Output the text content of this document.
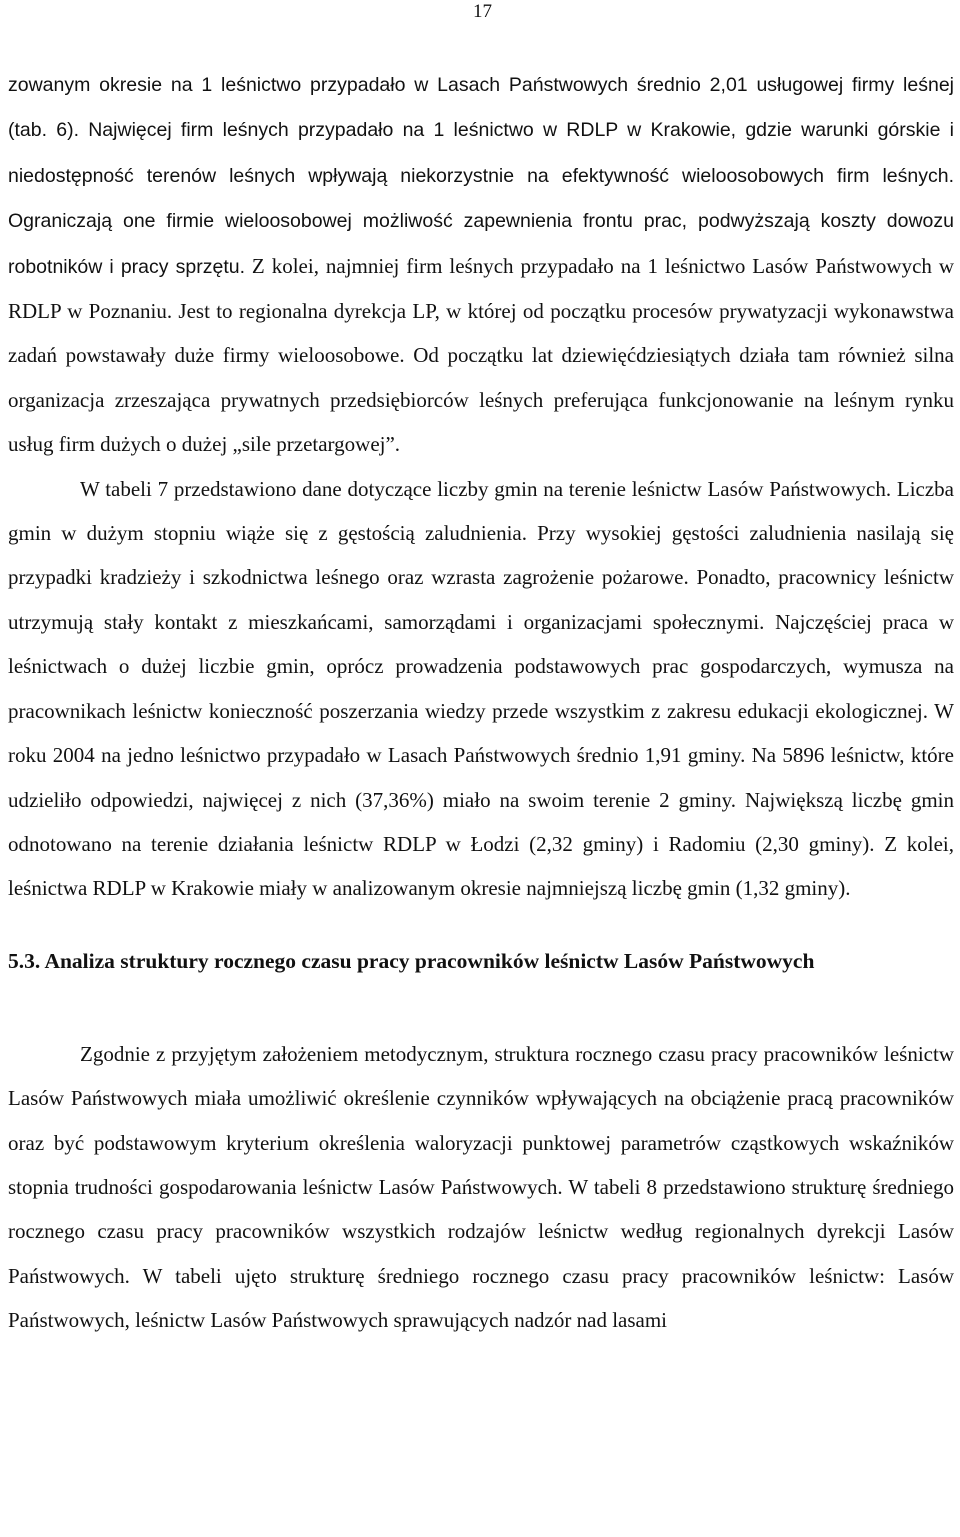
17

zowanym okresie na 1 leśnictwo przypadało w Lasach Państwowych średnio 2,01 usługowej firmy leśnej (tab. 6). Najwięcej firm leśnych przypadało na 1 leśnictwo w RDLP w Krakowie, gdzie warunki górskie i niedostępność terenów leśnych wpływają niekorzystnie na efektywność wieloosobowych firm leśnych. Ograniczają one firmie wieloosobowej możliwość zapewnienia frontu prac, podwyższają koszty dowozu robotników i pracy sprzętu. Z kolei, najmniej firm leśnych przypadało na 1 leśnictwo Lasów Państwowych w RDLP w Poznaniu. Jest to regionalna dyrekcja LP, w której od początku procesów prywatyzacji wykonawstwa zadań powstawały duże firmy wieloosobowe. Od początku lat dziewięćdziesiątych działa tam również silna organizacja zrzeszająca prywatnych przedsiębiorców leśnych preferująca funkcjonowanie na leśnym rynku usług firm dużych o dużej „sile przetargowej”.

W tabeli 7 przedstawiono dane dotyczące liczby gmin na terenie leśnictw Lasów Państwowych. Liczba gmin w dużym stopniu wiąże się z gęstością zaludnienia. Przy wysokiej gęstości zaludnienia nasilają się przypadki kradzieży i szkodnictwa leśnego oraz wzrasta zagrożenie pożarowe. Ponadto, pracownicy leśnictw utrzymują stały kontakt z mieszkańcami, samorządami i organizacjami społecznymi. Najczęściej praca w leśnictwach o dużej liczbie gmin, oprócz prowadzenia podstawowych prac gospodarczych, wymusza na pracownikach leśnictw konieczność poszerzania wiedzy przede wszystkim z zakresu edukacji ekologicznej. W roku 2004 na jedno leśnictwo przypadało w Lasach Państwowych średnio 1,91 gminy. Na 5896 leśnictw, które udzieliło odpowiedzi, najwięcej z nich (37,36%) miało na swoim terenie 2 gminy. Największą liczbę gmin odnotowano na terenie działania leśnictw RDLP w Łodzi (2,32 gminy) i Radomiu (2,30 gminy). Z kolei, leśnictwa RDLP w Krakowie miały w analizowanym okresie najmniejszą liczbę gmin (1,32 gminy).

5.3. Analiza struktury rocznego czasu pracy pracowników leśnictw Lasów Państwowych

Zgodnie z przyjętym założeniem metodycznym, struktura rocznego czasu pracy pracowników leśnictw Lasów Państwowych miała umożliwić określenie czynników wpływających na obciążenie pracą pracowników oraz być podstawowym kryterium określenia waloryzacji punktowej parametrów cząstkowych wskaźników stopnia trudności gospodarowania leśnictw Lasów Państwowych. W tabeli 8 przedstawiono strukturę średniego rocznego czasu pracy pracowników wszystkich rodzajów leśnictw według regionalnych dyrekcji Lasów Państwowych. W tabeli ujęto strukturę średniego rocznego czasu pracy pracowników leśnictw: Lasów Państwowych, leśnictw Lasów Państwowych sprawujących nadzór nad lasami
